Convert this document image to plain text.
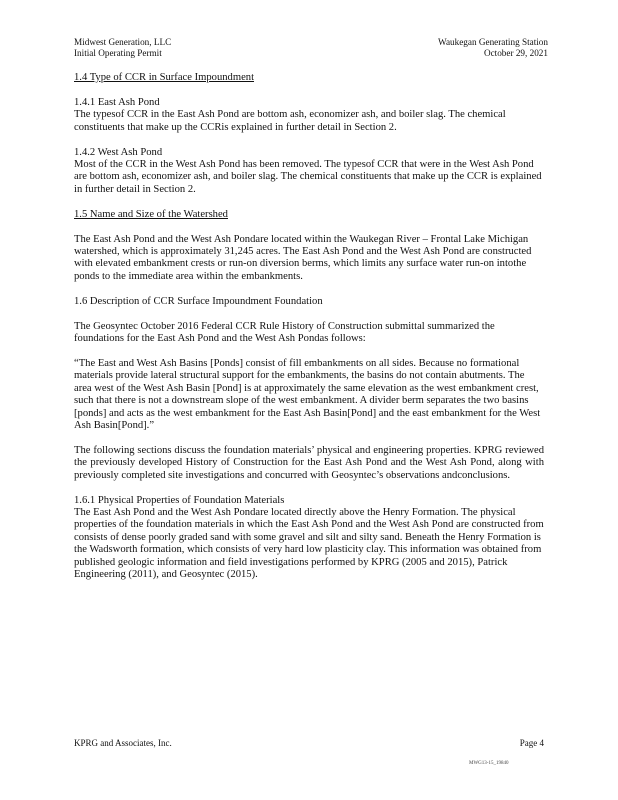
Midwest Generation, LLC
Initial Operating Permit
Waukegan Generating Station
October 29, 2021

1.4 Type of CCR in Surface Impoundment

1.4.1 East Ash Pond

The typesof CCR in the East Ash Pond are bottom ash, economizer ash, and boiler slag. The chemical constituents that make up the CCRis explained in further detail in Section 2.

1.4.2 West Ash Pond

Most of the CCR in the West Ash Pond has been removed. The typesof CCR that were in the West Ash Pond are bottom ash, economizer ash, and boiler slag. The chemical constituents that make up the CCR is explained in further detail in Section 2.

1.5 Name and Size of the Watershed

The East Ash Pond and the West Ash Pondare located within the Waukegan River – Frontal Lake Michigan watershed, which is approximately 31,245 acres. The East Ash Pond and the West Ash Pond are constructed with elevated embankment crests or run-on diversion berms, which limits any surface water run-on intothe ponds to the immediate area within the embankments.

1.6 Description of CCR Surface Impoundment Foundation

The Geosyntec October 2016 Federal CCR Rule History of Construction submittal summarized the foundations for the East Ash Pond and the West Ash Pondas follows:

“The East and West Ash Basins [Ponds] consist of fill embankments on all sides. Because no formational materials provide lateral structural support for the embankments, the basins do not contain abutments. The area west of the West Ash Basin [Pond] is at approximately the same elevation as the west embankment crest, such that there is not a downstream slope of the west embankment. A divider berm separates the two basins [ponds] and acts as the west embankment for the East Ash Basin[Pond] and the east embankment for the West Ash Basin[Pond].”

The following sections discuss the foundation materials’ physical and engineering properties. KPRG reviewed the previously developed History of Construction for the East Ash Pond and the West Ash Pond, along with previously completed site investigations and concurred with Geosyntec’s observations andconclusions.

1.6.1 Physical Properties of Foundation Materials

The East Ash Pond and the West Ash Pondare located directly above the Henry Formation. The physical properties of the foundation materials in which the East Ash Pond and the West Ash Pond are constructed from consists of dense poorly graded sand with some gravel and silt and silty sand. Beneath the Henry Formation is the Wadsworth formation, which consists of very hard low plasticity clay. This information was obtained from published geologic information and field investigations performed by KPRG (2005 and 2015), Patrick Engineering (2011), and Geosyntec (2015).

KPRG and Associates, Inc.	Page 4
MWG13-15_19840
